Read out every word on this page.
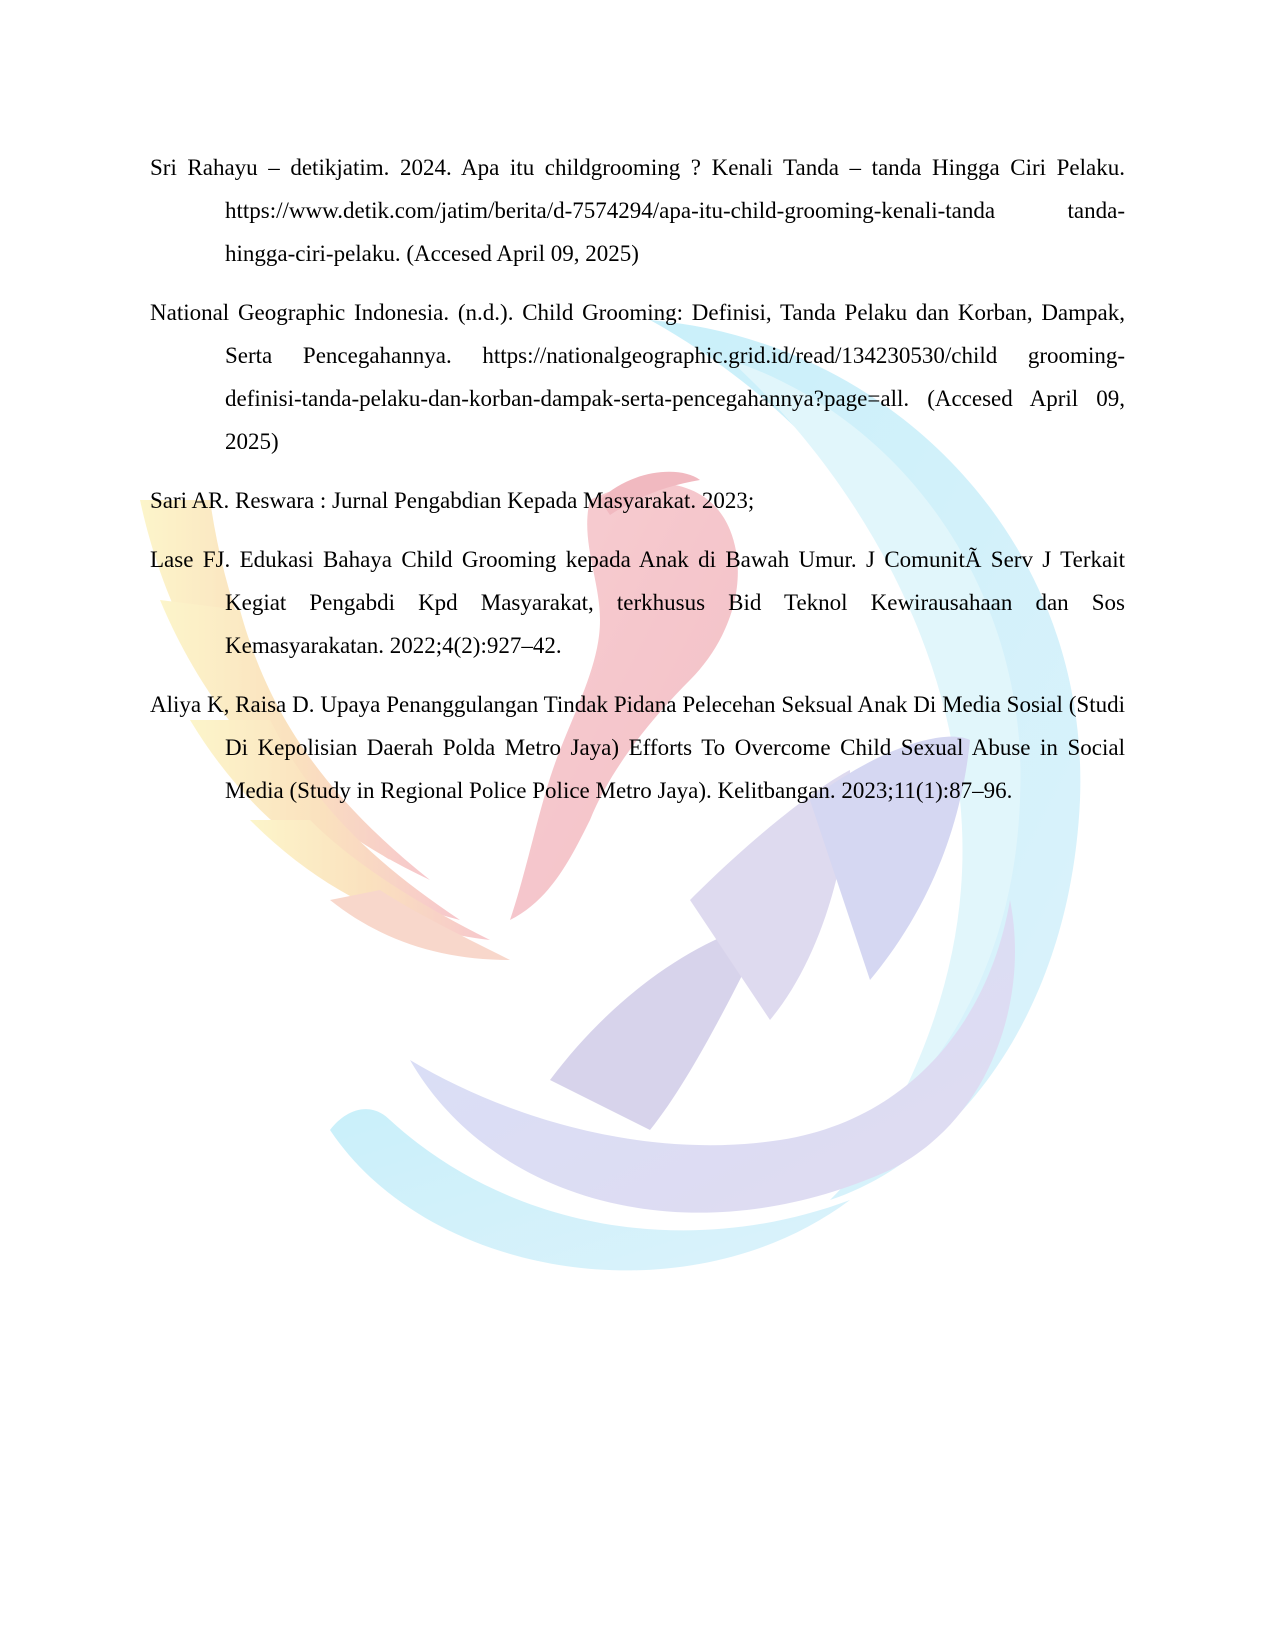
Sri Rahayu – detikjatim. 2024. Apa itu childgrooming ? Kenali Tanda – tanda Hingga Ciri Pelaku. https://www.detik.com/jatim/berita/d-7574294/apa-itu-child-grooming-kenali-tanda tanda-hingga-ciri-pelaku. (Accesed April 09, 2025)

National Geographic Indonesia. (n.d.). Child Grooming: Definisi, Tanda Pelaku dan Korban, Dampak, Serta Pencegahannya. https://nationalgeographic.grid.id/read/134230530/child grooming-definisi-tanda-pelaku-dan-korban-dampak-serta-pencegahannya?page=all. (Accesed April 09, 2025)

Sari AR. Reswara : Jurnal Pengabdian Kepada Masyarakat. 2023;

Lase FJ. Edukasi Bahaya Child Grooming kepada Anak di Bawah Umur. J ComunitÃ Serv J Terkait Kegiat Pengabdi Kpd Masyarakat, terkhusus Bid Teknol Kewirausahaan dan Sos Kemasyarakatan. 2022;4(2):927–42.

Aliya K, Raisa D. Upaya Penanggulangan Tindak Pidana Pelecehan Seksual Anak Di Media Sosial (Studi Di Kepolisian Daerah Polda Metro Jaya) Efforts To Overcome Child Sexual Abuse in Social Media (Study in Regional Police Police Metro Jaya). Kelitbangan. 2023;11(1):87–96.
